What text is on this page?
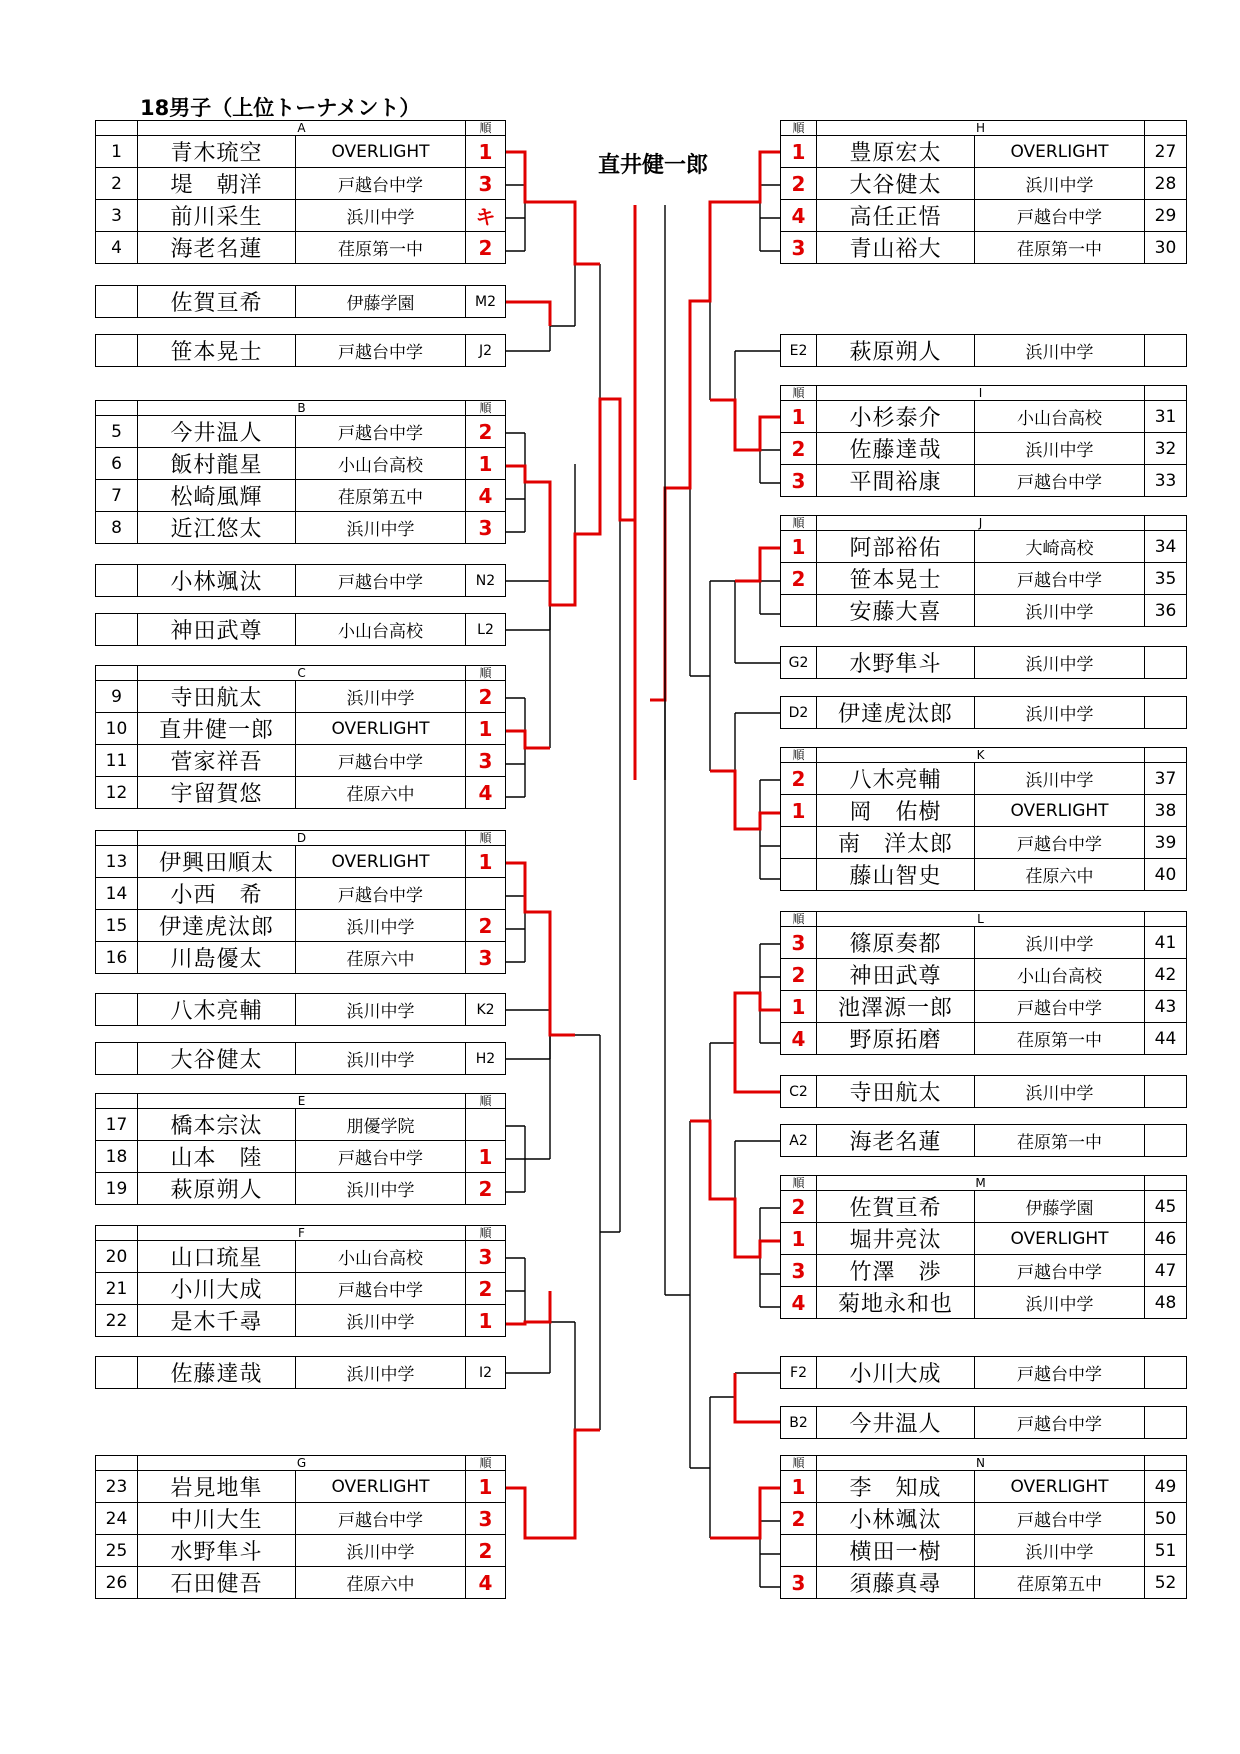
18男子（上位トーナメント）
直井健一郎
	A		順
1	青木琉空	OVERLIGHT	1
2	堤　朝洋	戸越台中学	3
3	前川采生	浜川中学	キ
4	海老名蓮	荏原第一中	2
	B		順
5	今井温人	戸越台中学	2
6	飯村龍星	小山台高校	1
7	松崎風輝	荏原第五中	4
8	近江悠太	浜川中学	3
	C		順
9	寺田航太	浜川中学	2
10	直井健一郎	OVERLIGHT	1
11	菅家祥吾	戸越台中学	3
12	宇留賀悠	荏原六中	4
	D		順
13	伊興田順太	OVERLIGHT	1
14	小西　希	戸越台中学	
15	伊達虎汰郎	浜川中学	2
16	川島優太	荏原六中	3
	E		順
17	橋本宗汰	朋優学院	
18	山本　陸	戸越台中学	1
19	萩原朔人	浜川中学	2
	F		順
20	山口琉星	小山台高校	3
21	小川大成	戸越台中学	2
22	是木千尋	浜川中学	1
	G		順
23	岩見地隼	OVERLIGHT	1
24	中川大生	戸越台中学	3
25	水野隼斗	浜川中学	2
26	石田健吾	荏原六中	4
順	H		
1	豊原宏太	OVERLIGHT	27
2	大谷健太	浜川中学	28
4	高任正悟	戸越台中学	29
3	青山裕大	荏原第一中	30
順	I		
1	小杉泰介	小山台高校	31
2	佐藤達哉	浜川中学	32
3	平間裕康	戸越台中学	33
順	J		
1	阿部裕佑	大崎高校	34
2	笹本晃士	戸越台中学	35
	安藤大喜	浜川中学	36
順	K		
2	八木亮輔	浜川中学	37
1	岡　佑樹	OVERLIGHT	38
	南　洋太郎	戸越台中学	39
	藤山智史	荏原六中	40
順	L		
3	篠原奏都	浜川中学	41
2	神田武尊	小山台高校	42
1	池澤源一郎	戸越台中学	43
4	野原拓磨	荏原第一中	44
順	M		
2	佐賀亘希	伊藤学園	45
1	堀井亮汰	OVERLIGHT	46
3	竹澤　渉	戸越台中学	47
4	菊地永和也	浜川中学	48
順	N		
1	李　知成	OVERLIGHT	49
2	小林颯汰	戸越台中学	50
	横田一樹	浜川中学	51
3	須藤真尋	荏原第五中	52
	佐賀亘希	伊藤学園	M2
	笹本晃士	戸越台中学	J2
	小林颯汰	戸越台中学	N2
	神田武尊	小山台高校	L2
	八木亮輔	浜川中学	K2
	大谷健太	浜川中学	H2
	佐藤達哉	浜川中学	I2
E2	萩原朔人	浜川中学	
G2	水野隼斗	浜川中学	
D2	伊達虎汰郎	浜川中学	
C2	寺田航太	浜川中学	
A2	海老名蓮	荏原第一中	
F2	小川大成	戸越台中学	
B2	今井温人	戸越台中学	
